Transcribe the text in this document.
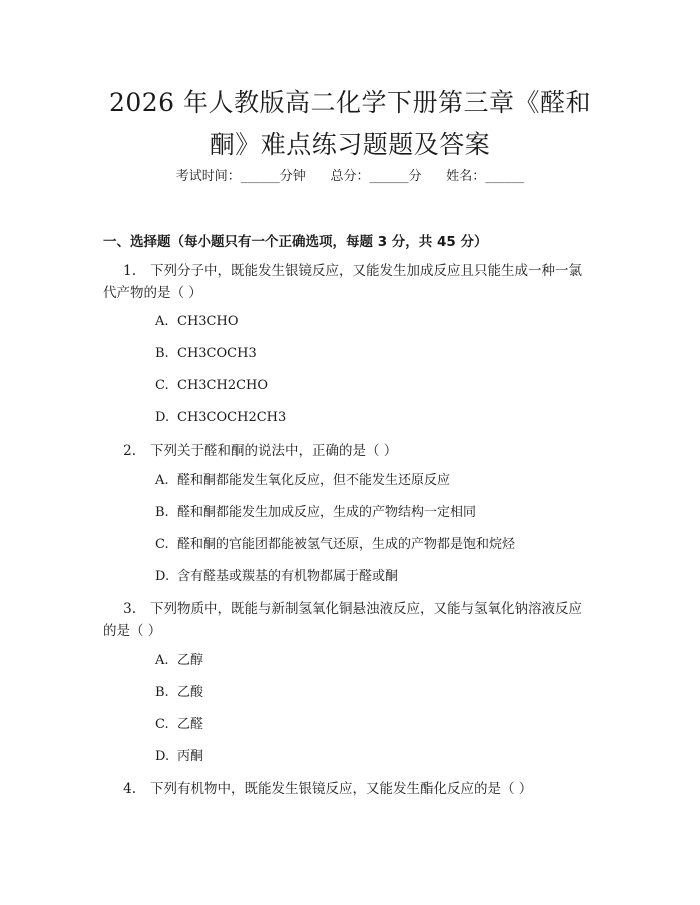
2026 年人教版高二化学下册第三章《醛和
酮》难点练习题题及答案
考试时间：______分钟      总分：______分      姓名：______
一、选择题（每小题只有一个正确选项，每题 3 分，共 45 分）
1. 下列分子中，既能发生银镜反应，又能发生加成反应且只能生成一种一氯
代产物的是（ ）
A. CH3CHO
B. CH3COCH3
C. CH3CH2CHO
D. CH3COCH2CH3
2. 下列关于醛和酮的说法中，正确的是（ ）
A. 醛和酮都能发生氧化反应，但不能发生还原反应
B. 醛和酮都能发生加成反应，生成的产物结构一定相同
C. 醛和酮的官能团都能被氢气还原，生成的产物都是饱和烷烃
D. 含有醛基或羰基的有机物都属于醛或酮
3. 下列物质中，既能与新制氢氧化铜悬浊液反应，又能与氢氧化钠溶液反应
的是（ ）
A. 乙醇
B. 乙酸
C. 乙醛
D. 丙酮
4. 下列有机物中，既能发生银镜反应，又能发生酯化反应的是（ ）
